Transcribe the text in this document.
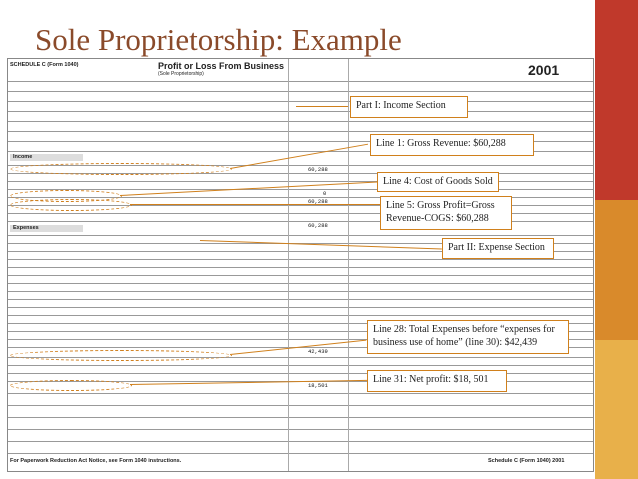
Sole Proprietorship: Example
SCHEDULE C (Form 1040)	Profit or Loss From Business
(Sole Proprietorship)	2001
Income
60,288
0
60,288
60,288
Expenses
42,439
18,501
For Paperwork Reduction Act Notice, see Form 1040 instructions.	Schedule C (Form 1040) 2001
Part I: Income Section
Line 1: Gross Revenue: $60,288
Line 4: Cost of Goods Sold
Line 5: Gross Profit=Gross Revenue-COGS: $60,288
Part II: Expense Section
Line 28: Total Expenses before “expenses for business use of home” (line 30): $42,439
Line 31: Net profit: $18, 501
